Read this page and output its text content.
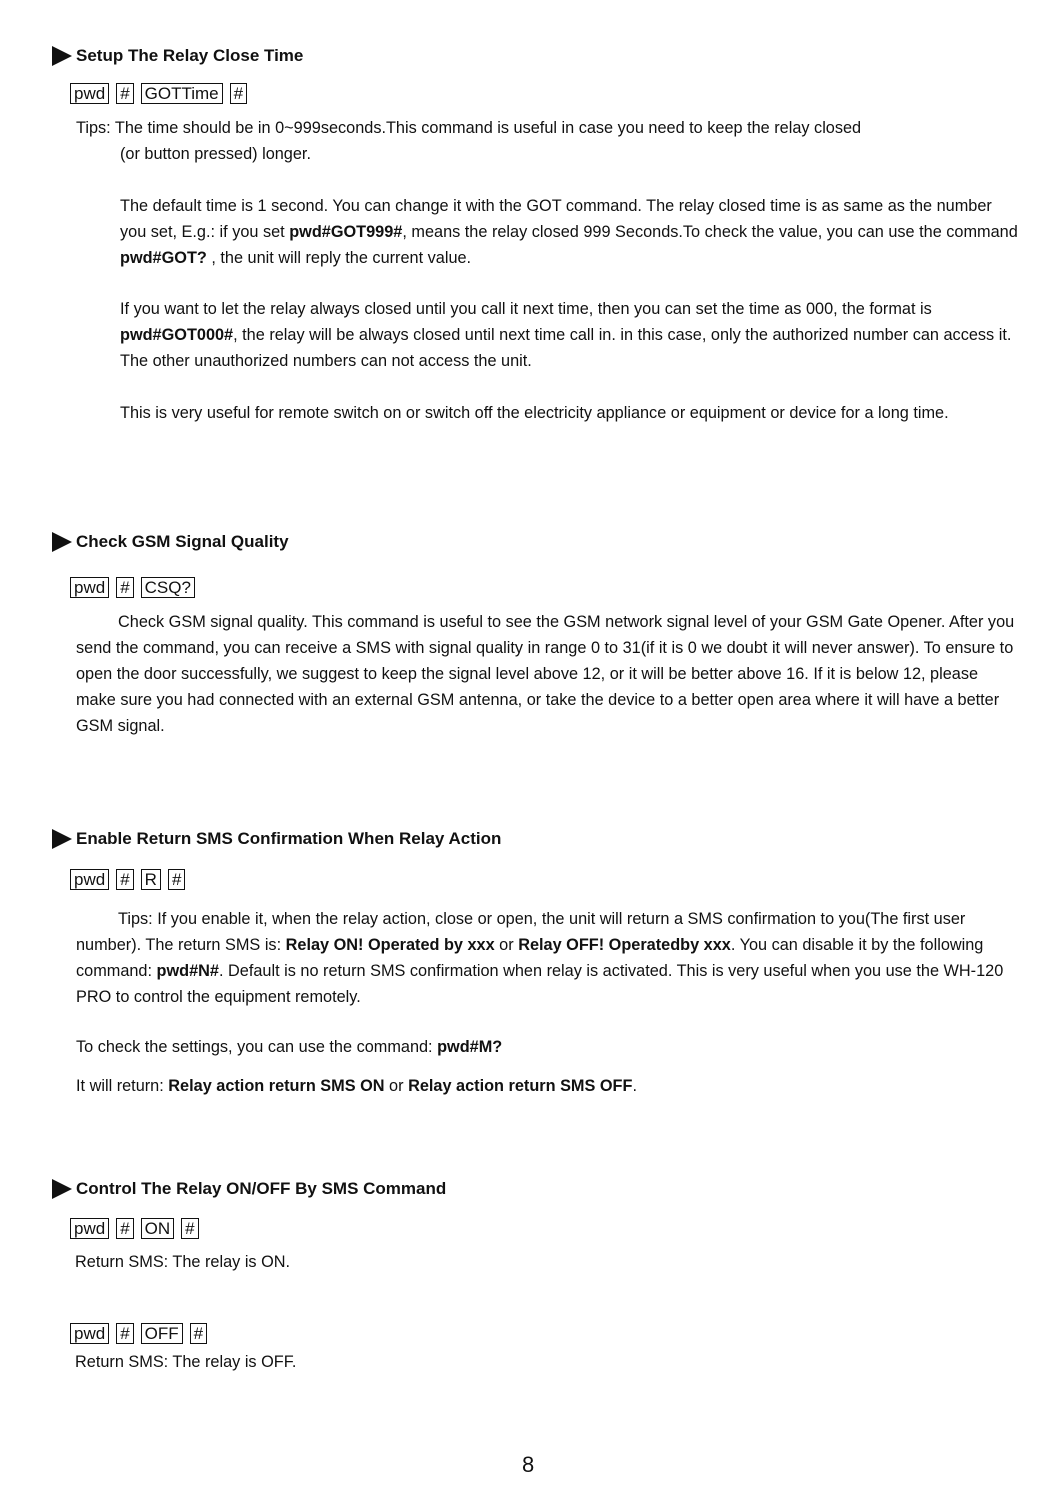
Setup The Relay Close Time
pwd # GOTTime #
Tips: The time should be in 0~999seconds.This command is useful in case you need to keep the relay closed
(or button pressed) longer.
The default time is 1 second. You can change it with the GOT command. The relay closed time is as same as the number you set, E.g.: if you set pwd#GOT999#, means the relay closed 999 Seconds.To check the value, you can use the command pwd#GOT? , the unit will reply the current value.
If you want to let the relay always closed until you call it next time, then you can set the time as 000, the format is pwd#GOT000#, the relay will be always closed until next time call in. in this case, only the authorized number can access it. The other unauthorized numbers can not access the unit.
This is very useful for remote switch on or switch off the electricity appliance or equipment or device for a long time.
Check GSM Signal Quality
pwd # CSQ?
Check GSM signal quality. This command is useful to see the GSM network signal level of your GSM Gate Opener. After you send the command, you can receive a SMS with signal quality in range 0 to 31(if it is 0 we doubt it will never answer). To ensure to open the door successfully, we suggest to keep the signal level above 12, or it will be better above 16. If it is below 12, please make sure you had connected with an external GSM antenna, or take the device to a better open area where it will have a better GSM signal.
Enable Return SMS Confirmation When Relay Action
pwd # R #
Tips: If you enable it, when the relay action, close or open, the unit will return a SMS confirmation to you(The first user number). The return SMS is: Relay ON! Operated by xxx or Relay OFF! Operatedby xxx. You can disable it by the following command: pwd#N#. Default is no return SMS confirmation when relay is activated. This is very useful when you use the WH-120 PRO to control the equipment remotely.
To check the settings, you can use the command: pwd#M?
It will return: Relay action return SMS ON or Relay action return SMS OFF.
Control The Relay ON/OFF By SMS Command
pwd # ON #
Return SMS: The relay is ON.
pwd # OFF #
Return SMS: The relay is OFF.
8
